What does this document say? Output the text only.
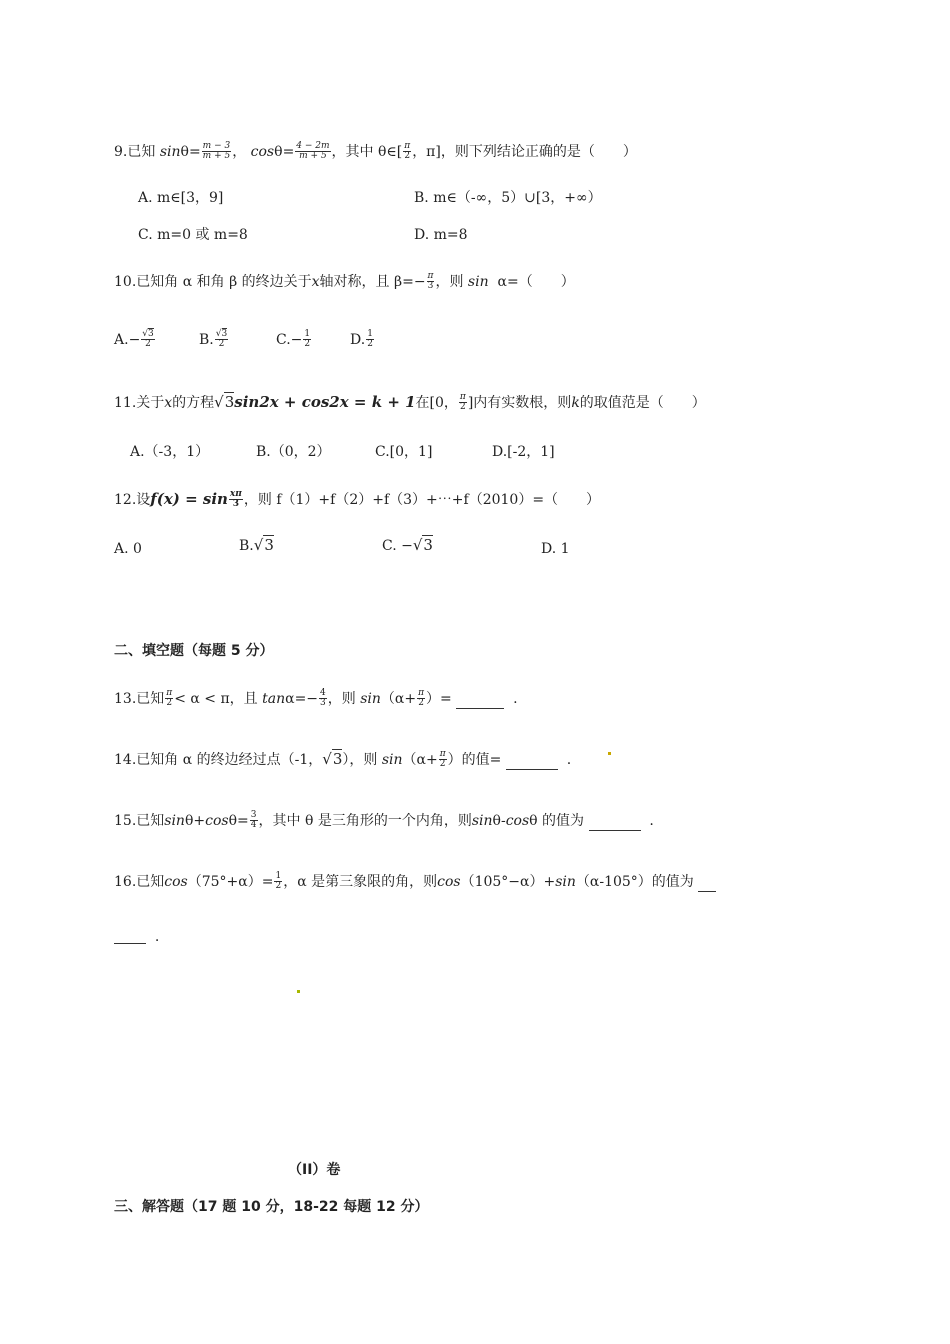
9.已知 $\sin\theta= \frac{m - 3}{m + 5}$ ， $\cos\theta= \frac{4 - 2m}{m + 5}$ ，其中 θ∈[ $\frac{\pi}{2}$ ，π]，则下列结论正确的是（　　）
A. m∈[3，9]	B. m∈（-∞，5）∪[3，+∞）
C. m=0 或 m=8	D. m=8
10.已知角 α 和角 β 的终边关于x轴对称，且 $\beta=- \frac{\pi}{3}$ ，则 sin α=（　　）
$A.- \frac{√3}{2}$	B. $\frac{√3}{2}$	$C.- \frac{1}{2}$	D. $\frac{1}{2}$
11.关于x的方程√3sin2x + cos2x = k + 1在[0， $\frac{\pi}{2}$ ]内有实数根，则k的取值范是（　　）
A.（-3，1）	B.（0，2）	C.[0，1]	D.[-2，1]
12.设$f(x) = \sin \frac{x\pi}{3}$ ，则 f（1）+f（2）+f（3）+⋯+f（2010）=（　　）
A. 0	B.√3	C. −√3	D. 1
二、填空题（每题 5 分）
13.已知 $\frac{\pi}{2} < \alpha < \pi$，且 $\tan\alpha=- \frac{4}{3}$ ，则 $\sin(\alpha+ \frac{\pi}{2}$ ）=	.
14.已知角 α 的终边经过点（-1，√3），则 $\sin(\alpha+ \frac{\pi}{2}$ ）的值=	.
15.已知$\sin\theta+\cos\theta= \frac{3}{4}$ ，其中 θ 是三角形的一个内角，则sinθ-cosθ 的值为	.
16.已知$\cos(75^\circ+\alpha)= \frac{1}{2}$ ，α 是第三象限的角，则cos（105°−α）+sin（α-105°）的值为
.
（II）卷
三、解答题（17 题 10 分，18-22 每题 12 分）
